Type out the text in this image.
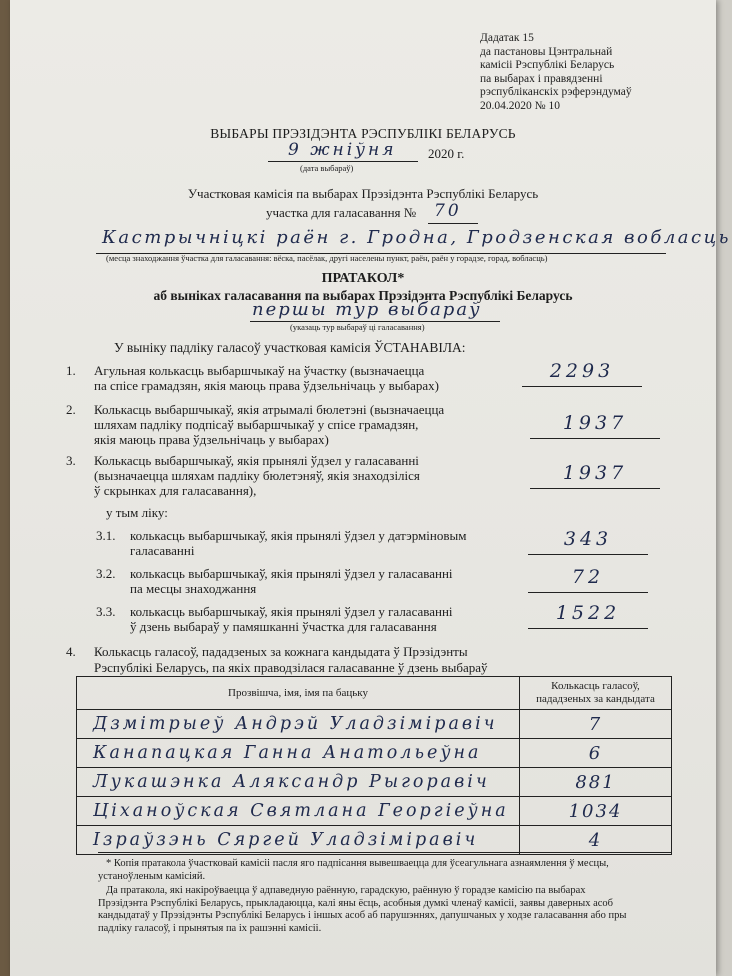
Дадатак 15
да пастановы Цэнтральнай
камісіі Рэспублікі Беларусь
па выбарах і правядзенні
рэспубліканскіх рэферэндумаў
20.04.2020 № 10
ВЫБАРЫ ПРЭЗІДЭНТА РЭСПУБЛІКІ БЕЛАРУСЬ
9 жніўня 2020 г.
(дата выбараў)
Участковая камісія па выбарах Прэзідэнта Рэспублікі Беларусь
участка для галасавання № 70
Кастрычніцкі раён г. Гродна, Гродзенская вобласць
(месца знаходжання ўчастка для галасавання: вёска, пасёлак, другі населены пункт, раён, раён у горадзе, горад, вобласць)
ПРАТАКОЛ*
аб выніках галасавання па выбарах Прэзідэнта Рэспублікі Беларусь
першы тур выбараў
(указаць тур выбараў ці галасавання)
У выніку падліку галасоў участковая камісія ЎСТАНАВІЛА:
1. Агульная колькасць выбаршчыкаў на ўчастку (вызначаецца
па спісе грамадзян, якія маюць права ўдзельнічаць у выбарах)
2293
2. Колькасць выбаршчыкаў, якія атрымалі бюлетэні (вызначаецца
шляхам падліку подпісаў выбаршчыкаў у спісе грамадзян,
якія маюць права ўдзельнічаць у выбарах)
1937
3. Колькасць выбаршчыкаў, якія прынялі ўдзел у галасаванні
(вызначаецца шляхам падліку бюлетэняў, якія знаходзіліся
ў скрынках для галасавання),
1937
у тым ліку:
3.1. колькасць выбаршчыкаў, якія прынялі ўдзел у датэрміновым
галасаванні
343
3.2. колькасць выбаршчыкаў, якія прынялі ўдзел у галасаванні
па месцы знаходжання
72
3.3. колькасць выбаршчыкаў, якія прынялі ўдзел у галасаванні
ў дзень выбараў у памяшканні ўчастка для галасавання
1522
4. Колькасць галасоў, пададзеных за кожнага кандыдата ў Прэзідэнты
Рэспублікі Беларусь, па якіх праводзілася галасаванне ў дзень выбараў
Прозвішча, імя, імя па бацьку	Колькасць галасоў,
пададзеных за кандыдата

Дзмітрыеў Андрэй Уладзіміравіч	7
Канапацкая Ганна Анатольеўна	6
Лукашэнка Аляксандр Рыгоравіч	881
Ціханоўская Святлана Георгіеўна	1034
Ізраўзэнь Сяргей Уладзіміравіч	4
* Копія пратакола ўчастковай камісіі пасля яго падпісання вывешваецца для ўсеагульнага азнаямлення ў месцы,
устаноўленым камісіяй.
Да пратакола, які накіроўваецца ў адпаведную раённую, гарадскую, раённую ў горадзе камісію па выбарах
Прэзідэнта Рэспублікі Беларусь, прыкладаюцца, калі яны ёсць, асобныя думкі членаў камісіі, заявы даверных асоб
кандыдатаў у Прэзідэнты Рэспублікі Беларусь і іншых асоб аб парушэннях, дапушчаных у ходзе галасавання або пры
падліку галасоў, і прынятыя па іх рашэнні камісіі.
